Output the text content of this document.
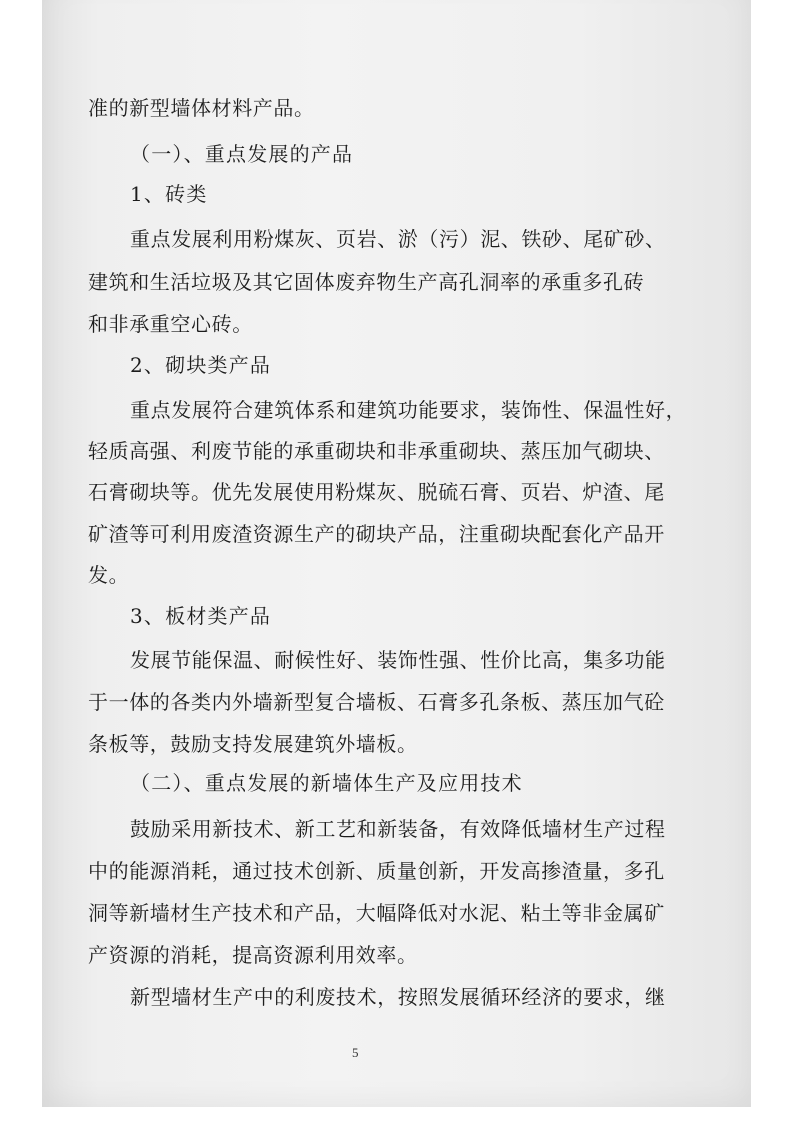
准的新型墙体材料产品。
（一）、重点发展的产品
1、砖类
重点发展利用粉煤灰、页岩、淤（污）泥、铁砂、尾矿砂、
建筑和生活垃圾及其它固体废弃物生产高孔洞率的承重多孔砖
和非承重空心砖。
2、砌块类产品
重点发展符合建筑体系和建筑功能要求，装饰性、保温性好，
轻质高强、利废节能的承重砌块和非承重砌块、蒸压加气砌块、
石膏砌块等。优先发展使用粉煤灰、脱硫石膏、页岩、炉渣、尾
矿渣等可利用废渣资源生产的砌块产品，注重砌块配套化产品开
发。
3、板材类产品
发展节能保温、耐候性好、装饰性强、性价比高，集多功能
于一体的各类内外墙新型复合墙板、石膏多孔条板、蒸压加气砼
条板等，鼓励支持发展建筑外墙板。
（二）、重点发展的新墙体生产及应用技术
鼓励采用新技术、新工艺和新装备，有效降低墙材生产过程
中的能源消耗，通过技术创新、质量创新，开发高掺渣量，多孔
洞等新墙材生产技术和产品，大幅降低对水泥、粘土等非金属矿
产资源的消耗，提高资源利用效率。
新型墙材生产中的利废技术，按照发展循环经济的要求，继
5
